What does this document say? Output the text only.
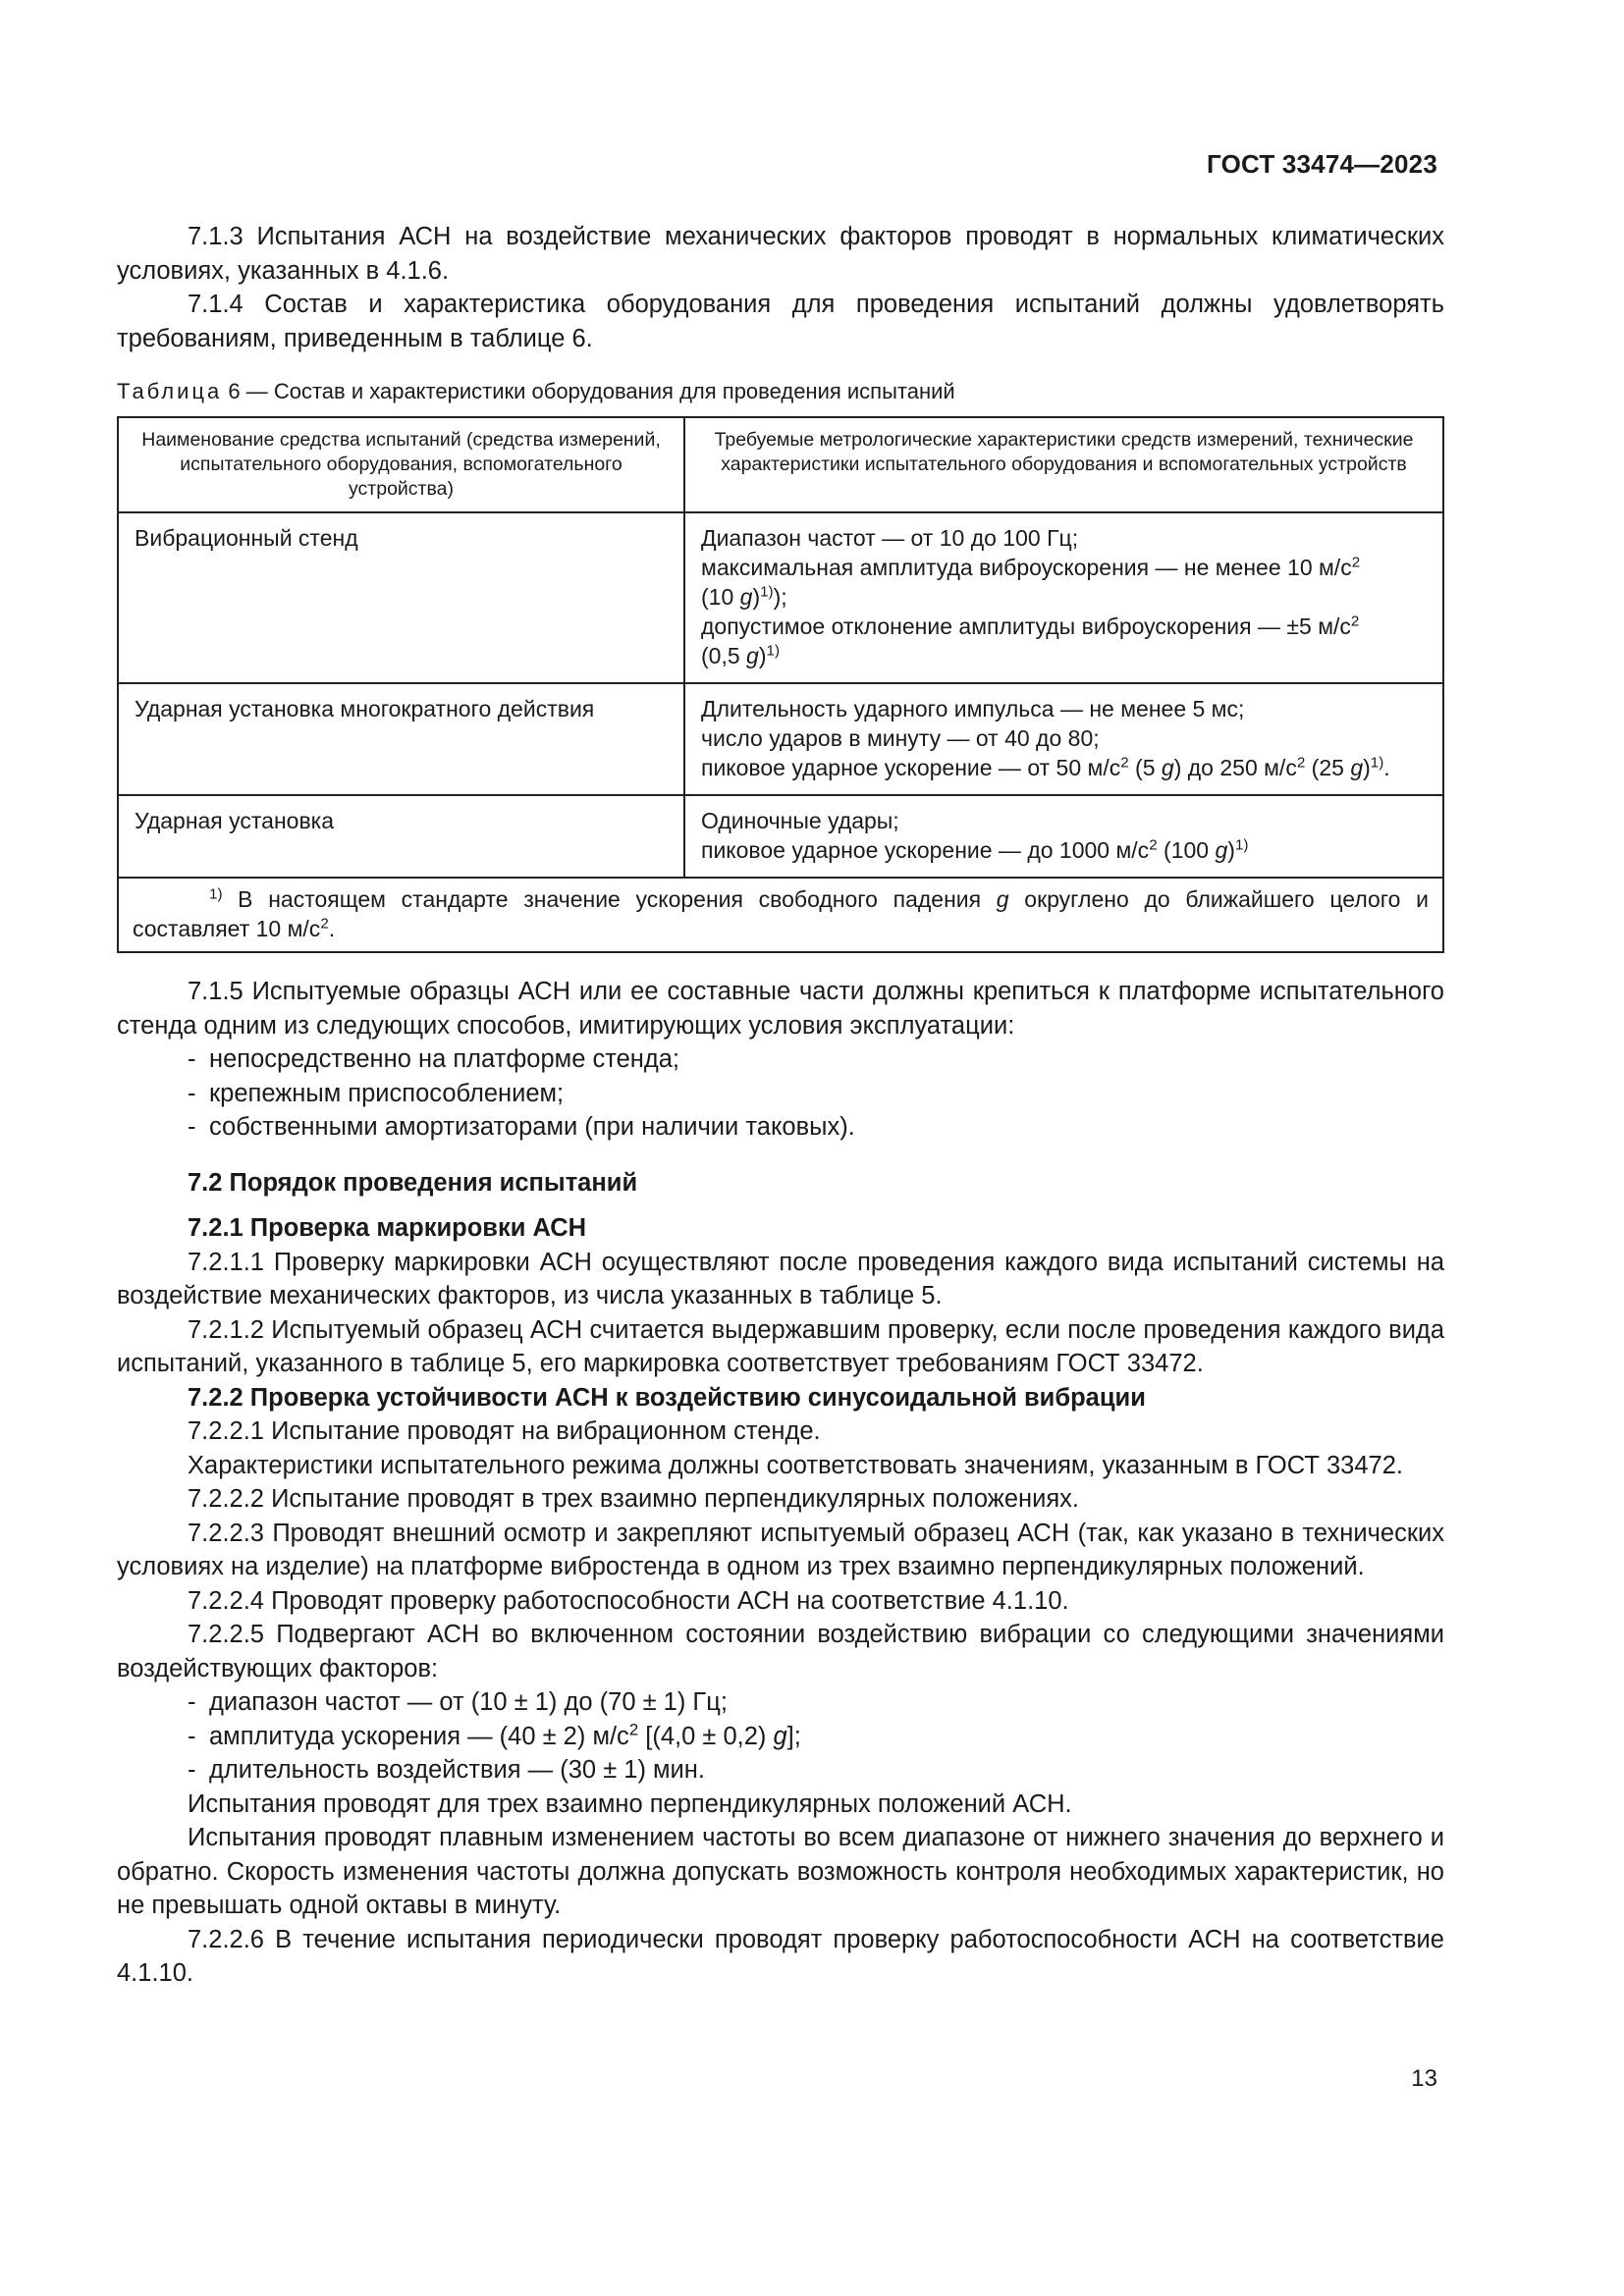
ГОСТ 33474—2023

7.1.3 Испытания АСН на воздействие механических факторов проводят в нормальных климатических условиях, указанных в 4.1.6.

7.1.4 Состав и характеристика оборудования для проведения испытаний должны удовлетворять требованиям, приведенным в таблице 6.

Таблица 6 — Состав и характеристики оборудования для проведения испытаний
Наименование средства испытаний (средства измерений, испытательного оборудования, вспомогательного устройства)	Требуемые метрологические характеристики средств измерений, технические характеристики испытательного оборудования и вспомогательных устройств
Вибрационный стенд	Диапазон частот — от 10 до 100 Гц;
максимальная амплитуда виброускорения — не менее 10 $м/с^2$
(10 g)$^{1)}$);
допустимое отклонение амплитуды виброускорения — ±5 $м/с^2$
(0,5 g)$^{1)}$
Ударная установка многократного действия	Длительность ударного импульса — не менее 5 мс;
число ударов в минуту — от 40 до 80;
пиковое ударное ускорение — от 50 $м/с^2$ (5 g) до 250 $м/с^2$ (25 g)$^{1)}$.
Ударная установка	Одиночные удары;
пиковое ударное ускорение — до 1000 $м/с^2$ (100 g)$^{1)}$
$^{1)}$ В настоящем стандарте значение ускорения свободного падения g округлено до ближайшего целого и составляет 10 $м/с^2$.	

7.1.5 Испытуемые образцы АСН или ее составные части должны крепиться к платформе испытательного стенда одним из следующих способов, имитирующих условия эксплуатации:

- непосредственно на платформе стенда;
- крепежным приспособлением;
- собственными амортизаторами (при наличии таковых).
7.2 Порядок проведения испытаний
7.2.1 Проверка маркировки АСН

7.2.1.1 Проверку маркировки АСН осуществляют после проведения каждого вида испытаний системы на воздействие механических факторов, из числа указанных в таблице 5.

7.2.1.2 Испытуемый образец АСН считается выдержавшим проверку, если после проведения каждого вида испытаний, указанного в таблице 5, его маркировка соответствует требованиям ГОСТ 33472.

7.2.2 Проверка устойчивости АСН к воздействию синусоидальной вибрации

7.2.2.1 Испытание проводят на вибрационном стенде.

Характеристики испытательного режима должны соответствовать значениям, указанным в ГОСТ 33472.

7.2.2.2 Испытание проводят в трех взаимно перпендикулярных положениях.

7.2.2.3 Проводят внешний осмотр и закрепляют испытуемый образец АСН (так, как указано в технических условиях на изделие) на платформе вибростенда в одном из трех взаимно перпендикулярных положений.

7.2.2.4 Проводят проверку работоспособности АСН на соответствие 4.1.10.

7.2.2.5 Подвергают АСН во включенном состоянии воздействию вибрации со следующими значениями воздействующих факторов:

- диапазон частот — от (10 ± 1) до (70 ± 1) Гц;
- амплитуда ускорения — (40 ± 2) $м/с^2$ [(4,0 ± 0,2) g];
- длительность воздействия — (30 ± 1) мин.

Испытания проводят для трех взаимно перпендикулярных положений АСН.

Испытания проводят плавным изменением частоты во всем диапазоне от нижнего значения до верхнего и обратно. Скорость изменения частоты должна допускать возможность контроля необходимых характеристик, но не превышать одной октавы в минуту.

7.2.2.6 В течение испытания периодически проводят проверку работоспособности АСН на соответствие 4.1.10.

13
